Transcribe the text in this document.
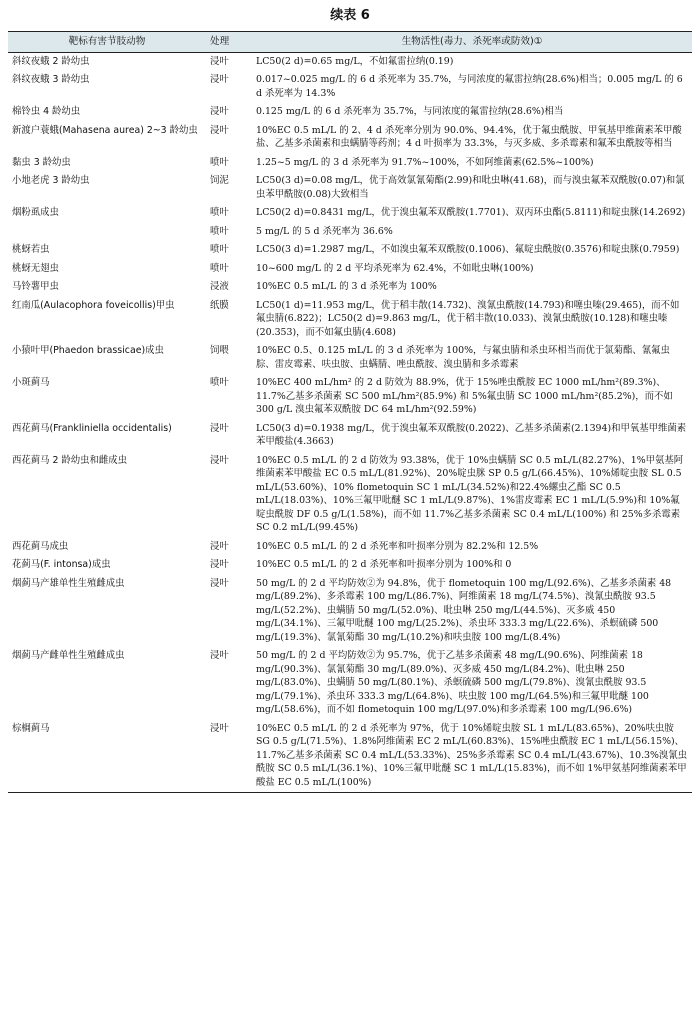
续表 6
靶标有害节肢动物	处理	生物活性(毒力、杀死率或防效)①
斜纹夜蛾 2 龄幼虫	浸叶	LC50(2 d)=0.65 mg/L，不如氟雷拉纳(0.19)
斜纹夜蛾 3 龄幼虫	浸叶	0.017~0.025 mg/L 的 6 d 杀死率为 35.7%，与同浓度的氟雷拉纳(28.6%)相当；0.005 mg/L 的 6 d 杀死率为 14.3%
棉铃虫 4 龄幼虫	浸叶	0.125 mg/L 的 6 d 杀死率为 35.7%，与同浓度的氟雷拉纳(28.6%)相当
新渡户蓑蛾(Mahasena aurea) 2~3 龄幼虫	浸叶	10%EC 0.5 mL/L 的 2、4 d 杀死率分别为 90.0%、94.4%，优于氟虫酰胺、甲氧基甲维菌素苯甲酸盐、乙基多杀菌素和虫螨腈等药剂；4 d 叶损率为 33.3%，与灭多威、多杀霉素和氟苯虫酰胺等相当
黏虫 3 龄幼虫	喷叶	1.25~5 mg/L 的 3 d 杀死率为 91.7%~100%，不如阿维菌素(62.5%~100%)
小地老虎 3 龄幼虫	饲泥	LC50(3 d)=0.08 mg/L，优于高效氯氰菊酯(2.99)和吡虫啉(41.68)，而与溴虫氟苯双酰胺(0.07)和氯虫苯甲酰胺(0.08)大致相当
烟粉虱成虫	喷叶	LC50(2 d)=0.8431 mg/L，优于溴虫氟苯双酰胺(1.7701)、双丙环虫酯(5.8111)和啶虫脒(14.2692)
	喷叶	5 mg/L 的 5 d 杀死率为 36.6%
桃蚜若虫	喷叶	LC50(3 d)=1.2987 mg/L，不如溴虫氟苯双酰胺(0.1006)、氟啶虫酰胺(0.3576)和啶虫脒(0.7959)
桃蚜无翅虫	喷叶	10~600 mg/L 的 2 d 平均杀死率为 62.4%，不如吡虫啉(100%)
马铃薯甲虫	浸液	10%EC 0.5 mL/L 的 3 d 杀死率为 100%
红南瓜(Aulacophora foveicollis)甲虫	纸膜	LC50(1 d)=11.953 mg/L，优于稻丰散(14.732)、溴氰虫酰胺(14.793)和噻虫嗪(29.465)，而不如氟虫腈(6.822)；LC50(2 d)=9.863 mg/L，优于稻丰散(10.033)、溴氰虫酰胺(10.128)和噻虫嗪(20.353)，而不如氟虫腈(4.608)
小猿叶甲(Phaedon brassicae)成虫	饲喂	10%EC 0.5、0.125 mL/L 的 3 d 杀死率为 100%，与氟虫腈和杀虫环相当而优于氯菊酯、氰氟虫腙、雷皮霉素、呋虫胺、虫螨腈、唑虫酰胺、溴虫腈和多杀霉素
小斑蓟马	喷叶	10%EC 400 mL/hm² 的 2 d 防效为 88.9%，优于 15%唑虫酰胺 EC 1000 mL/hm²(89.3%)、11.7%乙基多杀菌素 SC 500 mL/hm²(85.9%) 和 5%氟虫腈 SC 1000 mL/hm²(85.2%)，而不如 300 g/L 溴虫氟苯双酰胺 DC 64 mL/hm²(92.59%)
西花蓟马(Frankliniella occidentalis)	浸叶	LC50(3 d)=0.1938 mg/L，优于溴虫氟苯双酰胺(0.2022)、乙基多杀菌素(2.1394)和甲氧基甲维菌素苯甲酸盐(4.3663)
西花蓟马 2 龄幼虫和雌成虫	浸叶	10%EC 0.5 mL/L 的 2 d 防效为 93.38%，优于 10%虫螨腈 SC 0.5 mL/L(82.27%)、1%甲氨基阿维菌素苯甲酸盐 EC 0.5 mL/L(81.92%)、20%啶虫脒 SP 0.5 g/L(66.45%)、10%烯啶虫胺 SL 0.5 mL/L(53.60%)、10% flometoquin SC 1 mL/L(34.52%)和22.4%螺虫乙酯 SC 0.5 mL/L(18.03%)、10%三氟甲吡醚 SC 1 mL/L(9.87%)、1%雷皮霉素 EC 1 mL/L(5.9%)和 10%氟啶虫酰胺 DF 0.5 g/L(1.58%)，而不如 11.7%乙基多杀菌素 SC 0.4 mL/L(100%) 和 25%多杀霉素 SC 0.2 mL/L(99.45%)
西花蓟马成虫	浸叶	10%EC 0.5 mL/L 的 2 d 杀死率和叶损率分别为 82.2%和 12.5%
花蓟马(F. intonsa)成虫	浸叶	10%EC 0.5 mL/L 的 2 d 杀死率和叶损率分别为 100%和 0
烟蓟马产雄单性生殖雌成虫	浸叶	50 mg/L 的 2 d 平均防效②为 94.8%，优于 flometoquin 100 mg/L(92.6%)、乙基多杀菌素 48 mg/L(89.2%)、多杀霉素 100 mg/L(86.7%)、阿维菌素 18 mg/L(74.5%)、溴氰虫酰胺 93.5 mg/L(52.2%)、虫螨腈 50 mg/L(52.0%)、吡虫啉 250 mg/L(44.5%)、灭多威 450 mg/L(34.1%)、三氟甲吡醚 100 mg/L(25.2%)、杀虫环 333.3 mg/L(22.6%)、杀螟硫磷 500 mg/L(19.3%)、氯氰菊酯 30 mg/L(10.2%)和呋虫胺 100 mg/L(8.4%)
烟蓟马产雌单性生殖雌成虫	浸叶	50 mg/L 的 2 d 平均防效②为 95.7%，优于乙基多杀菌素 48 mg/L(90.6%)、阿维菌素 18 mg/L(90.3%)、氯氰菊酯 30 mg/L(89.0%)、灭多威 450 mg/L(84.2%)、吡虫啉 250 mg/L(83.0%)、虫螨腈 50 mg/L(80.1%)、杀螟硫磷 500 mg/L(79.8%)、溴氰虫酰胺 93.5 mg/L(79.1%)、杀虫环 333.3 mg/L(64.8%)、呋虫胺 100 mg/L(64.5%)和三氟甲吡醚 100 mg/L(58.6%)，而不如 flometoquin 100 mg/L(97.0%)和多杀霉素 100 mg/L(96.6%)
棕榈蓟马	浸叶	10%EC 0.5 mL/L 的 2 d 杀死率为 97%，优于 10%烯啶虫胺 SL 1 mL/L(83.65%)、20%呋虫胺 SG 0.5 g/L(71.5%)、1.8%阿维菌素 EC 2 mL/L(60.83%)、15%唑虫酰胺 EC 1 mL/L(56.15%)、11.7%乙基多杀菌素 SC 0.4 mL/L(53.33%)、25%多杀霉素 SC 0.4 mL/L(43.67%)、10.3%溴氰虫酰胺 SC 0.5 mL/L(36.1%)、10%三氟甲吡醚 SC 1 mL/L(15.83%)，而不如 1%甲氨基阿维菌素苯甲酸盐 EC 0.5 mL/L(100%)
